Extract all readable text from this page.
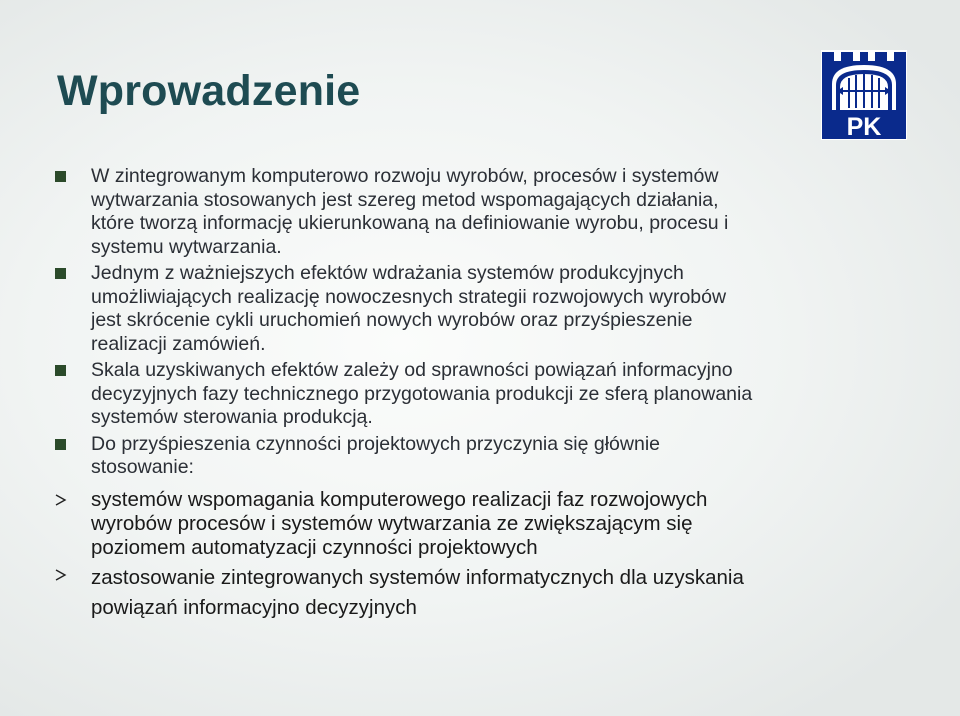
Wprowadzenie
PK
W zintegrowanym komputerowo rozwoju wyrobów, procesów i systemów
wytwarzania stosowanych jest szereg metod wspomagających działania,
które tworzą informację ukierunkowaną na definiowanie wyrobu, procesu i
systemu wytwarzania.
Jednym z ważniejszych efektów wdrażania systemów produkcyjnych
umożliwiających realizację nowoczesnych strategii rozwojowych wyrobów
jest skrócenie cykli uruchomień nowych wyrobów oraz przyśpieszenie
realizacji zamówień.
Skala uzyskiwanych efektów zależy od sprawności powiązań informacyjno
decyzyjnych fazy technicznego przygotowania produkcji ze sferą planowania
systemów sterowania produkcją.
Do przyśpieszenia czynności projektowych przyczynia się głównie
stosowanie:
systemów wspomagania komputerowego realizacji faz rozwojowych
wyrobów procesów i systemów wytwarzania ze zwiększającym się
poziomem automatyzacji czynności projektowych
zastosowanie zintegrowanych systemów informatycznych dla uzyskania
powiązań informacyjno decyzyjnych
